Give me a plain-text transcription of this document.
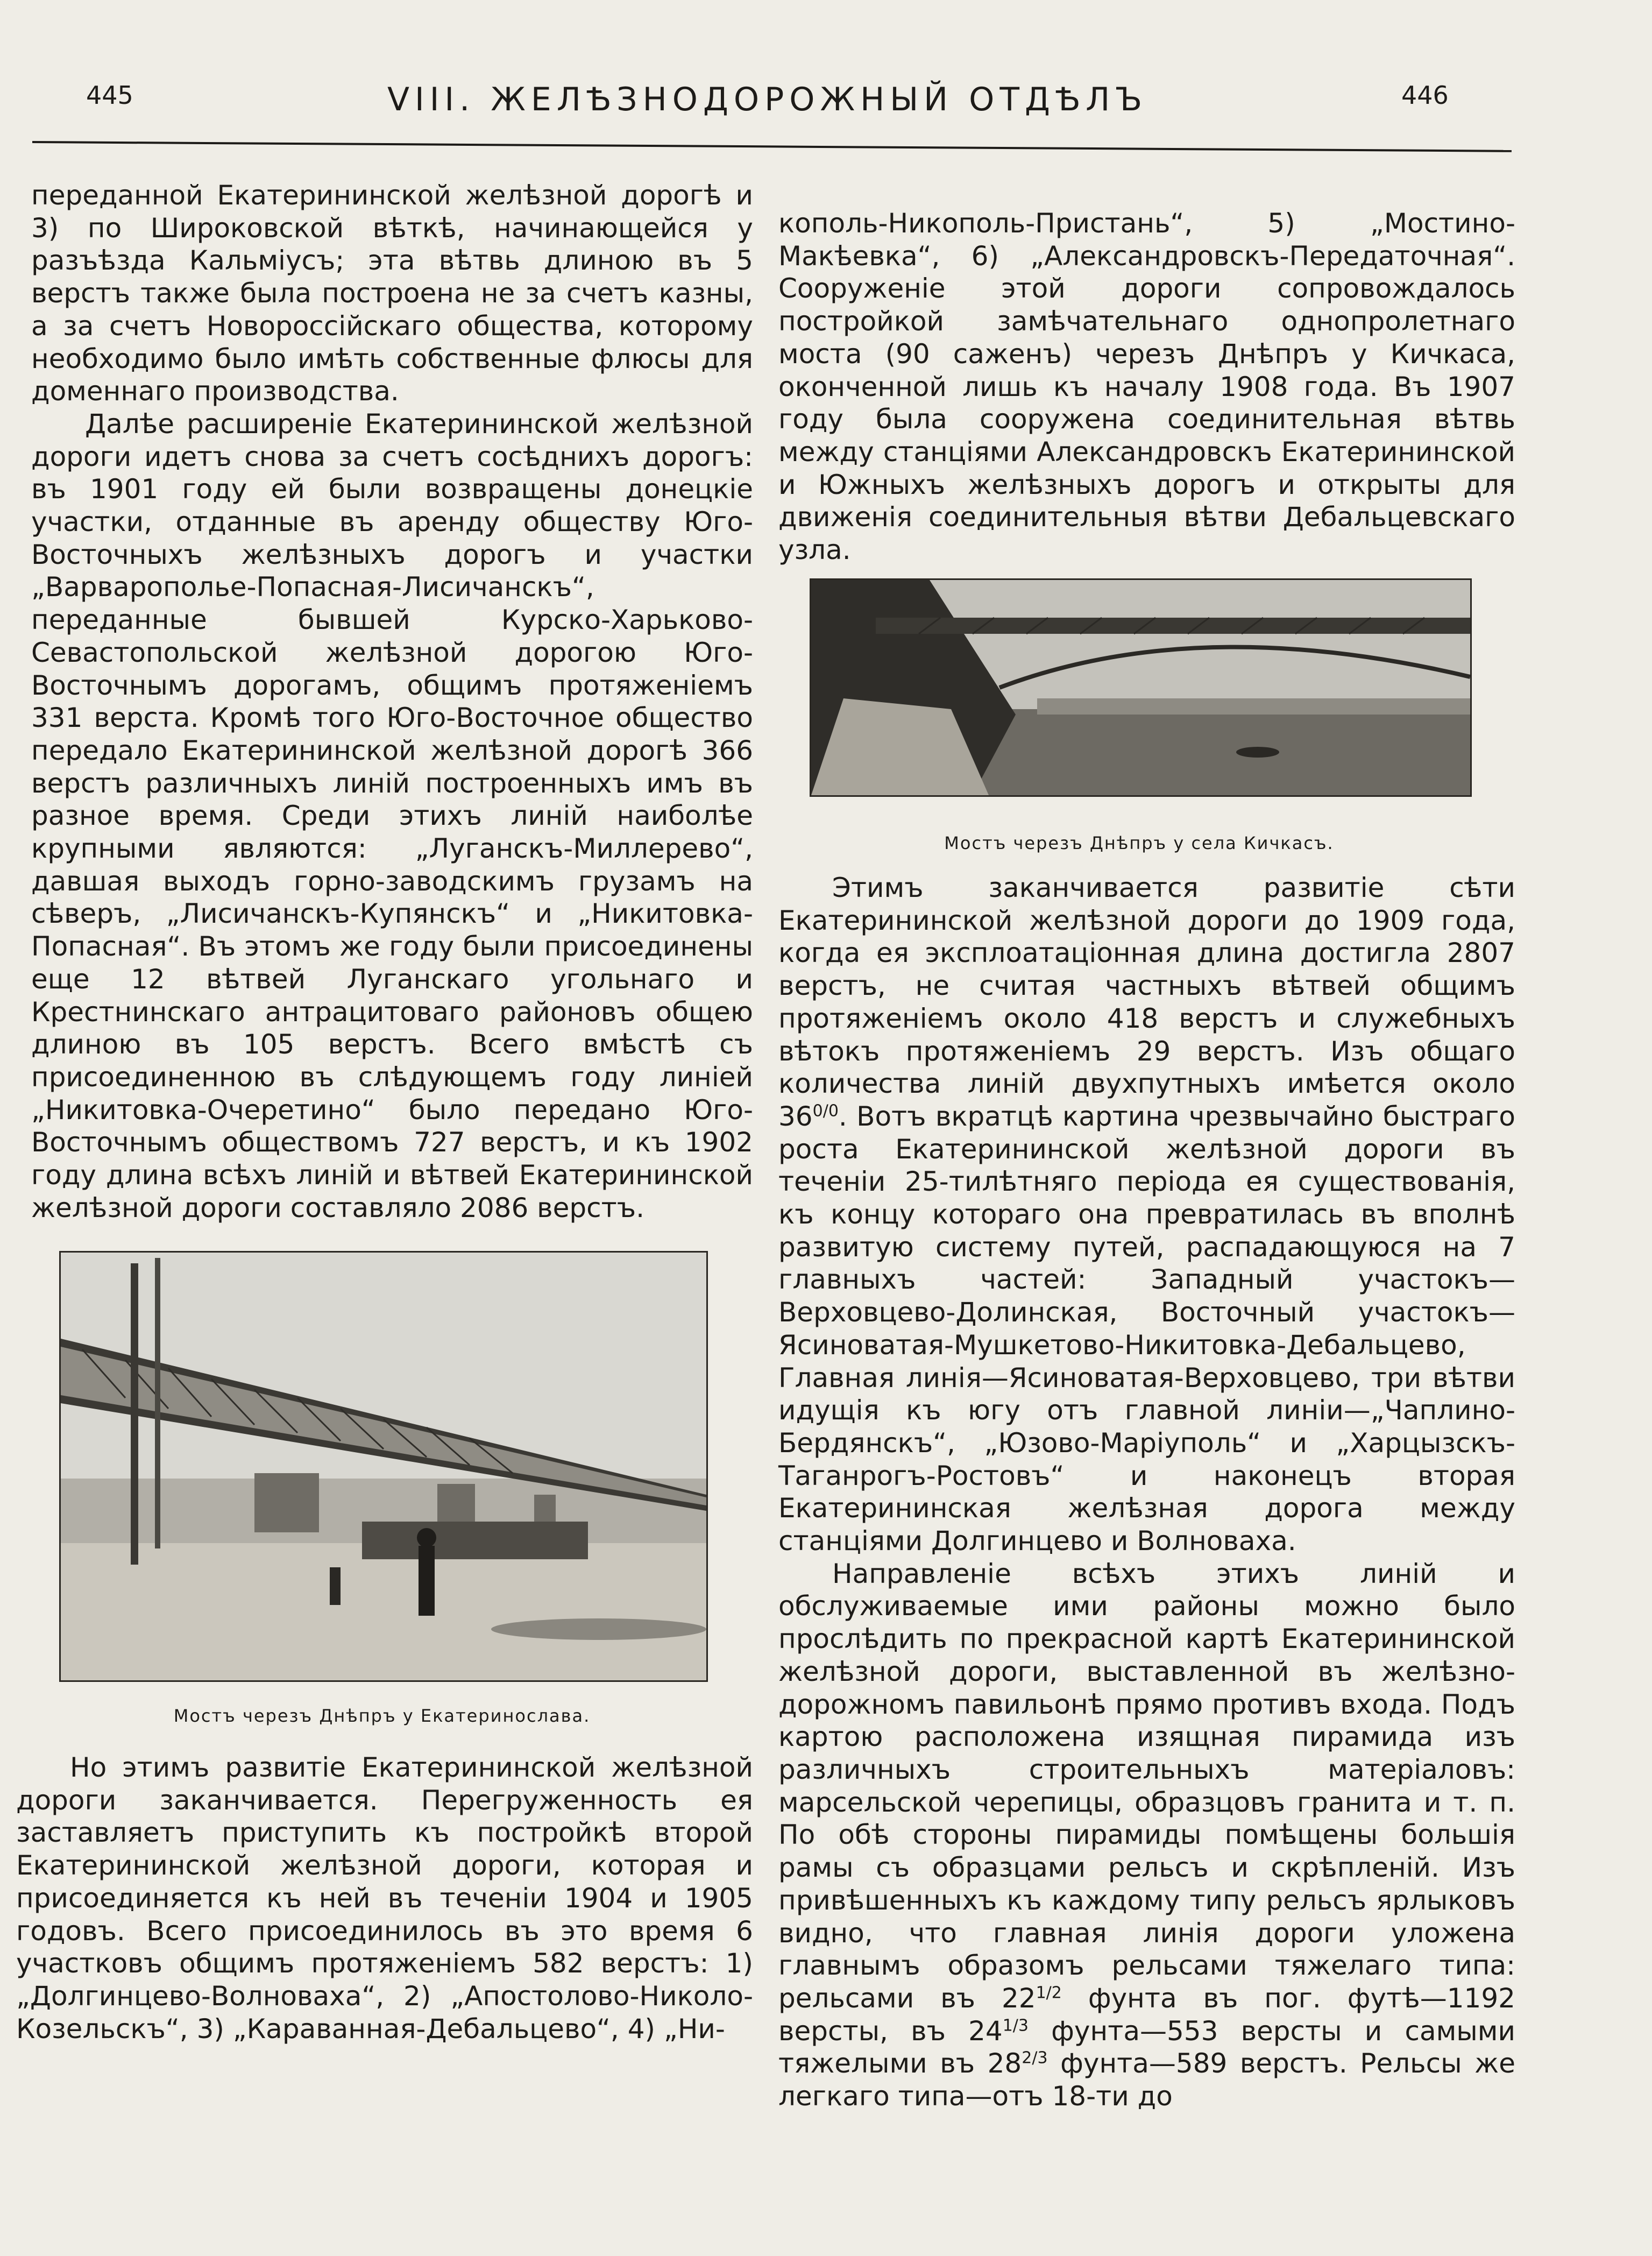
445	VIII. ЖЕЛѢЗНОДОРОЖНЫЙ ОТДѢЛЪ	446

переданной Екатерининской желѣзной дорогѣ и 3) по Широковской вѣткѣ, начинающейся у разъѣзда Кальміусъ; эта вѣтвь длиною въ 5 верстъ также была построена не за счетъ казны, а за счетъ Новороссійскаго общества, которому необходимо было имѣть собственные флюсы для доменнаго производства.

Далѣе расширеніе Екатерининской желѣзной дороги идетъ снова за счетъ сосѣднихъ дорогъ: въ 1901 году ей были возвращены донецкіе участки, отданные въ аренду обществу Юго-Восточныхъ желѣзныхъ дорогъ и участки „Варварополье-Попасная-Лисичанскъ“, переданные бывшей Курско-Харьково-Севастопольской желѣзной дорогою Юго-Восточнымъ дорогамъ, общимъ протяженіемъ 331 верста. Кромѣ того Юго-Восточное общество передало Екатерининской желѣзной дорогѣ 366 верстъ различныхъ линій построенныхъ имъ въ разное время. Среди этихъ линій наиболѣе крупными являются: „Луганскъ-Миллерево“, давшая выходъ горно-заводскимъ грузамъ на сѣверъ, „Лисичанскъ-Купянскъ“ и „Никитовка-Попасная“. Въ этомъ же году были присоединены еще 12 вѣтвей Луганскаго угольнаго и Крестнинскаго антрацитоваго районовъ общею длиною въ 105 верстъ. Всего вмѣстѣ съ присоединенною въ слѣдующемъ году линіей „Никитовка-Очеретино“ было передано Юго-Восточнымъ обществомъ 727 верстъ, и къ 1902 году длина всѣхъ линій и вѣтвей Екатерининской желѣзной дороги составляло 2086 верстъ.

Мостъ черезъ Днѣпръ у Екатеринослава.

Но этимъ развитіе Екатерининской желѣзной дороги заканчивается. Перегруженность ея заставляетъ приступить къ постройкѣ второй Екатерининской желѣзной дороги, которая и присоединяется къ ней въ теченіи 1904 и 1905 годовъ. Всего присоединилось въ это время 6 участковъ общимъ протяженіемъ 582 верстъ: 1) „Долгинцево-Волноваха“, 2) „Апостолово-Николо-Козельскъ“, 3) „Караванная-Дебальцево“, 4) „Ни-

кополь-Никополь-Пристань“, 5) „Мостино-Макѣевка“, 6) „Александровскъ-Передаточная“. Сооруженіе этой дороги сопровождалось постройкой замѣчательнаго однопролетнаго моста (90 саженъ) черезъ Днѣпръ у Кичкаса, оконченной лишь къ началу 1908 года. Въ 1907 году была сооружена соединительная вѣтвь между станціями Александровскъ Екатерининской и Южныхъ желѣзныхъ дорогъ и открыты для движенія соединительныя вѣтви Дебальцевскаго узла.

Мостъ черезъ Днѣпръ у села Кичкасъ.

Этимъ заканчивается развитіе сѣти Екатерининской желѣзной дороги до 1909 года, когда ея эксплоатаціонная длина достигла 2807 верстъ, не считая частныхъ вѣтвей общимъ протяженіемъ около 418 верстъ и служебныхъ вѣтокъ протяженіемъ 29 верстъ. Изъ общаго количества линій двухпутныхъ имѣется около $36^{0/0}$. Вотъ вкратцѣ картина чрезвычайно быстраго роста Екатерининской желѣзной дороги въ теченіи 25-тилѣтняго періода ея существованія, къ концу котораго она превратилась въ вполнѣ развитую систему путей, распадающуюся на 7 главныхъ частей: Западный участокъ—Верховцево-Долинская, Восточный участокъ—Ясиноватая-Мушкетово-Никитовка-Дебальцево, Главная линія—Ясиноватая-Верховцево, три вѣтви идущія къ югу отъ главной линіи—„Чаплино-Бердянскъ“, „Юзово-Маріуполь“ и „Харцызскъ-Таганрогъ-Ростовъ“ и наконецъ вторая Екатерининская желѣзная дорога между станціями Долгинцево и Волноваха.

Направленіе всѣхъ этихъ линій и обслуживаемые ими районы можно было прослѣдить по прекрасной картѣ Екатерининской желѣзной дороги, выставленной въ желѣзно-дорожномъ павильонѣ прямо противъ входа. Подъ картою расположена изящная пирамида изъ различныхъ строительныхъ матеріаловъ: марсельской черепицы, образцовъ гранита и т. п. По обѣ стороны пирамиды помѣщены большія рамы съ образцами рельсъ и скрѣпленій. Изъ привѣшенныхъ къ каждому типу рельсъ ярлыковъ видно, что главная линія дороги уложена главнымъ образомъ рельсами тяжелаго типа: рельсами въ $22^{1/2}$ фунта въ пог. футѣ—1192 версты, въ $24^{1/3}$ фунта—553 версты и самыми тяжелыми въ $28^{2/3}$ фунта—589 верстъ. Рельсы же легкаго типа—отъ 18-ти до
